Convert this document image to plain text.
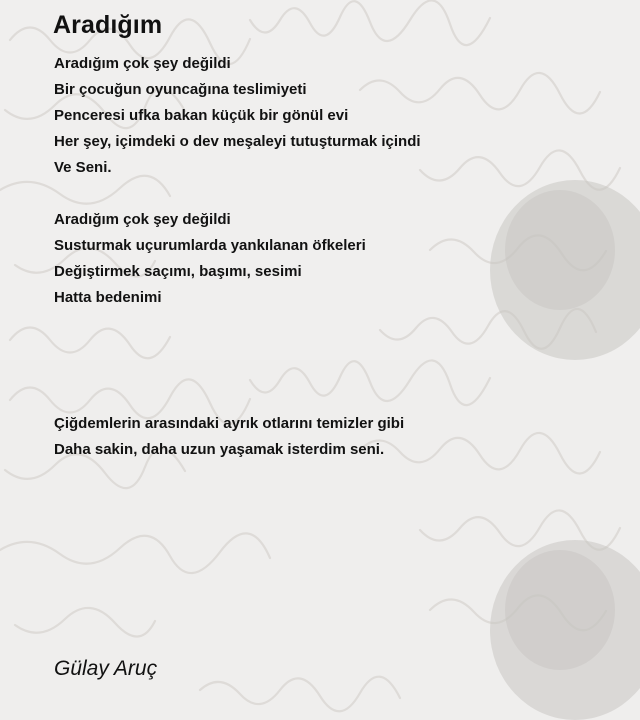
Aradığım
Aradığım çok şey değildi
Bir çocuğun oyuncağına teslimiyeti
Penceresi ufka bakan küçük bir gönül evi
Her şey, içimdeki o dev meşaleyi tutuşturmak içindi
Ve Seni.
Aradığım çok şey değildi
Susturmak uçurumlarda yankılanan öfkeleri
Değiştirmek saçımı, başımı, sesimi
Hatta bedenimi
Çiğdemlerin arasındaki ayrık otlarını temizler gibi
Daha sakin, daha uzun yaşamak isterdim seni.

Gülay Aruç
